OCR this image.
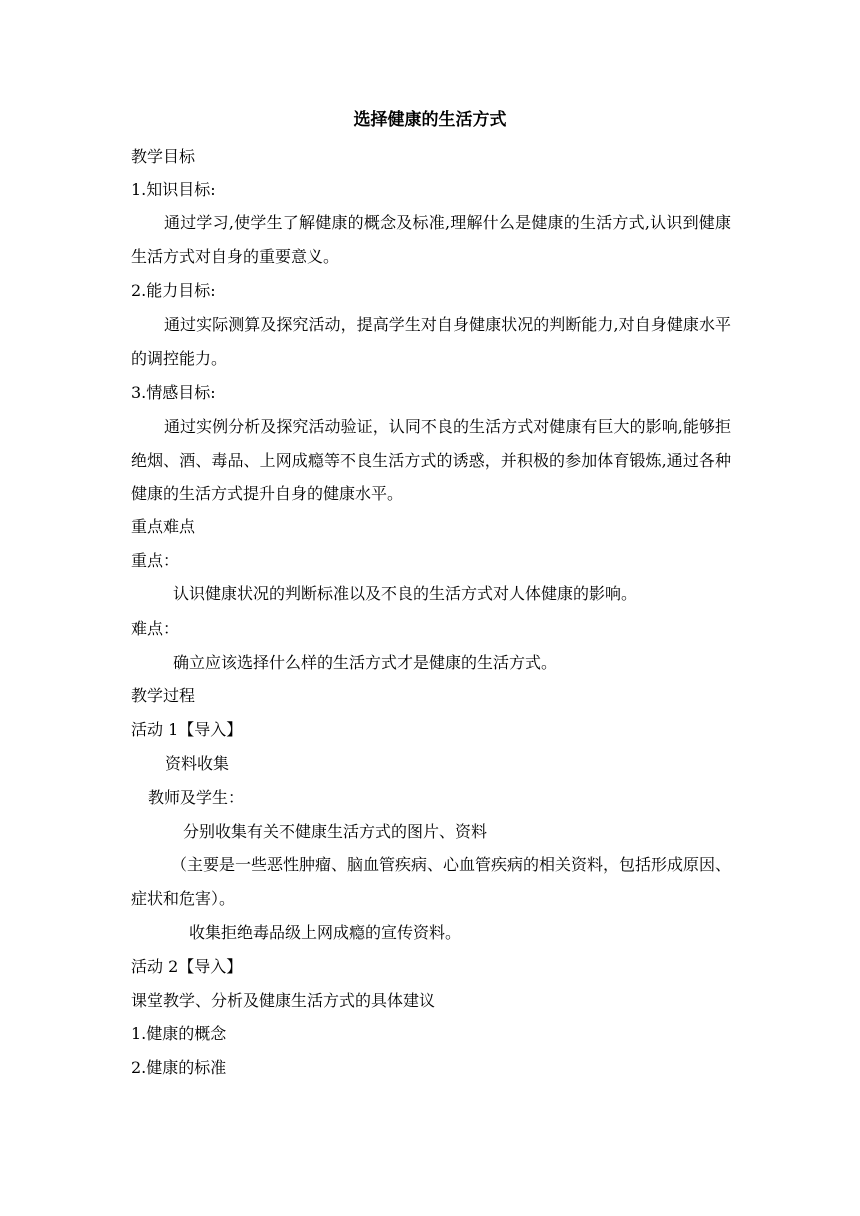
选择健康的生活方式
教学目标
1.知识目标:
通过学习,使学生了解健康的概念及标准,理解什么是健康的生活方式,认识到健康生活方式对自身的重要意义。
2.能力目标:
通过实际测算及探究活动，提高学生对自身健康状况的判断能力,对自身健康水平的调控能力。
3.情感目标:
通过实例分析及探究活动验证，认同不良的生活方式对健康有巨大的影响,能够拒绝烟、酒、毒品、上网成瘾等不良生活方式的诱惑，并积极的参加体育锻炼,通过各种健康的生活方式提升自身的健康水平。
重点难点
重点：
认识健康状况的判断标准以及不良的生活方式对人体健康的影响。
难点：
确立应该选择什么样的生活方式才是健康的生活方式。
教学过程
活动 1【导入】
资料收集
教师及学生：
分别收集有关不健康生活方式的图片、资料
（主要是一些恶性肿瘤、脑血管疾病、心血管疾病的相关资料，包括形成原因、症状和危害）。
收集拒绝毒品级上网成瘾的宣传资料。
活动 2【导入】
课堂教学、分析及健康生活方式的具体建议
1.健康的概念
2.健康的标准
